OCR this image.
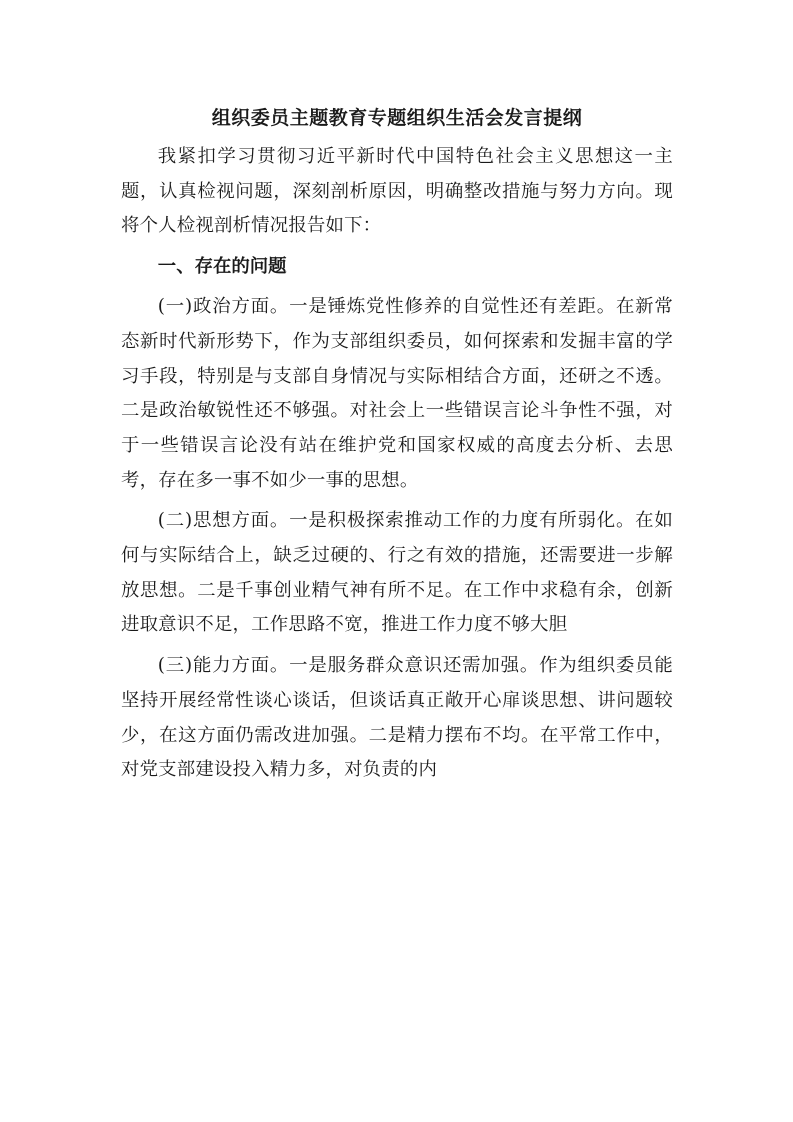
组织委员主题教育专题组织生活会发言提纲

我紧扣学习贯彻习近平新时代中国特色社会主义思想这一主题，认真检视问题，深刻剖析原因，明确整改措施与努力方向。现将个人检视剖析情况报告如下：

一、存在的问题

(一)政治方面。一是锤炼党性修养的自觉性还有差距。在新常态新时代新形势下，作为支部组织委员，如何探索和发掘丰富的学习手段，特别是与支部自身情况与实际相结合方面，还研之不透。二是政治敏锐性还不够强。对社会上一些错误言论斗争性不强，对于一些错误言论没有站在维护党和国家权威的高度去分析、去思考，存在多一事不如少一事的思想。

(二)思想方面。一是积极探索推动工作的力度有所弱化。在如何与实际结合上，缺乏过硬的、行之有效的措施，还需要进一步解放思想。二是千事创业精气神有所不足。在工作中求稳有余，创新进取意识不足，工作思路不宽，推进工作力度不够大胆

(三)能力方面。一是服务群众意识还需加强。作为组织委员能坚持开展经常性谈心谈话，但谈话真正敞开心扉谈思想、讲问题较少，在这方面仍需改进加强。二是精力摆布不均。在平常工作中，对党支部建设投入精力多，对负责的内
